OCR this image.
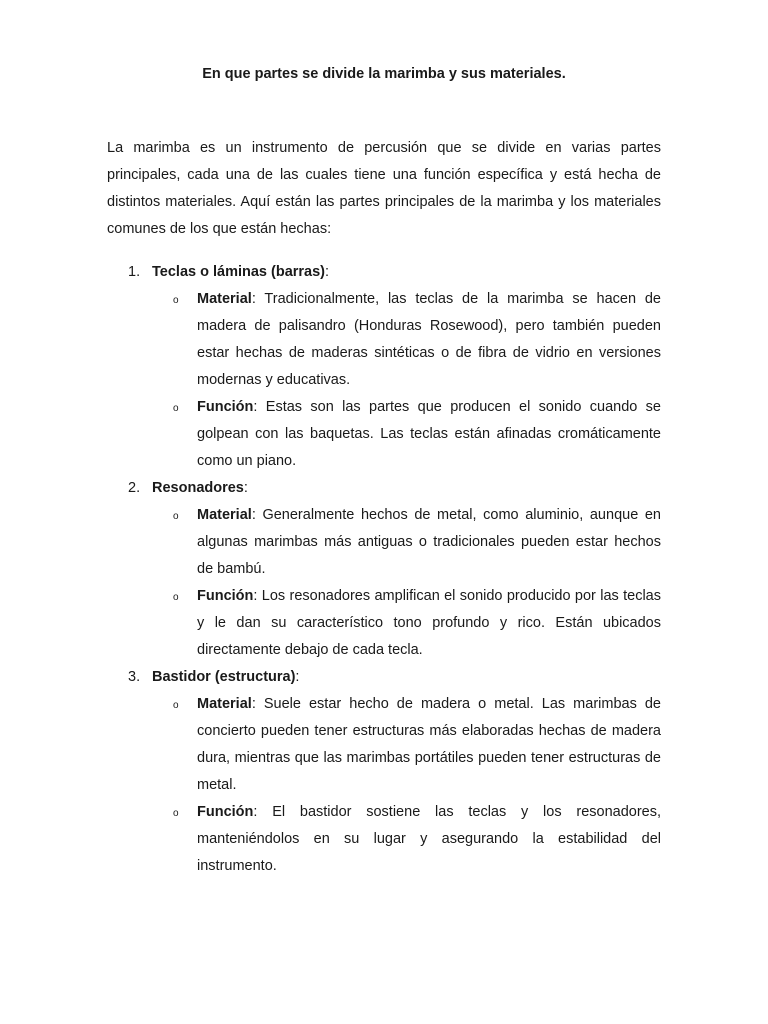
En que partes se divide la marimba y sus materiales.

La marimba es un instrumento de percusión que se divide en varias partes principales, cada una de las cuales tiene una función específica y está hecha de distintos materiales. Aquí están las partes principales de la marimba y los materiales comunes de los que están hechas:

1. Teclas o láminas (barras):
o Material: Tradicionalmente, las teclas de la marimba se hacen de madera de palisandro (Honduras Rosewood), pero también pueden estar hechas de maderas sintéticas o de fibra de vidrio en versiones modernas y educativas.
o Función: Estas son las partes que producen el sonido cuando se golpean con las baquetas. Las teclas están afinadas cromáticamente como un piano.
2. Resonadores:
o Material: Generalmente hechos de metal, como aluminio, aunque en algunas marimbas más antiguas o tradicionales pueden estar hechos de bambú.
o Función: Los resonadores amplifican el sonido producido por las teclas y le dan su característico tono profundo y rico. Están ubicados directamente debajo de cada tecla.
3. Bastidor (estructura):
o Material: Suele estar hecho de madera o metal. Las marimbas de concierto pueden tener estructuras más elaboradas hechas de madera dura, mientras que las marimbas portátiles pueden tener estructuras de metal.
o Función: El bastidor sostiene las teclas y los resonadores, manteniéndolos en su lugar y asegurando la estabilidad del instrumento.
